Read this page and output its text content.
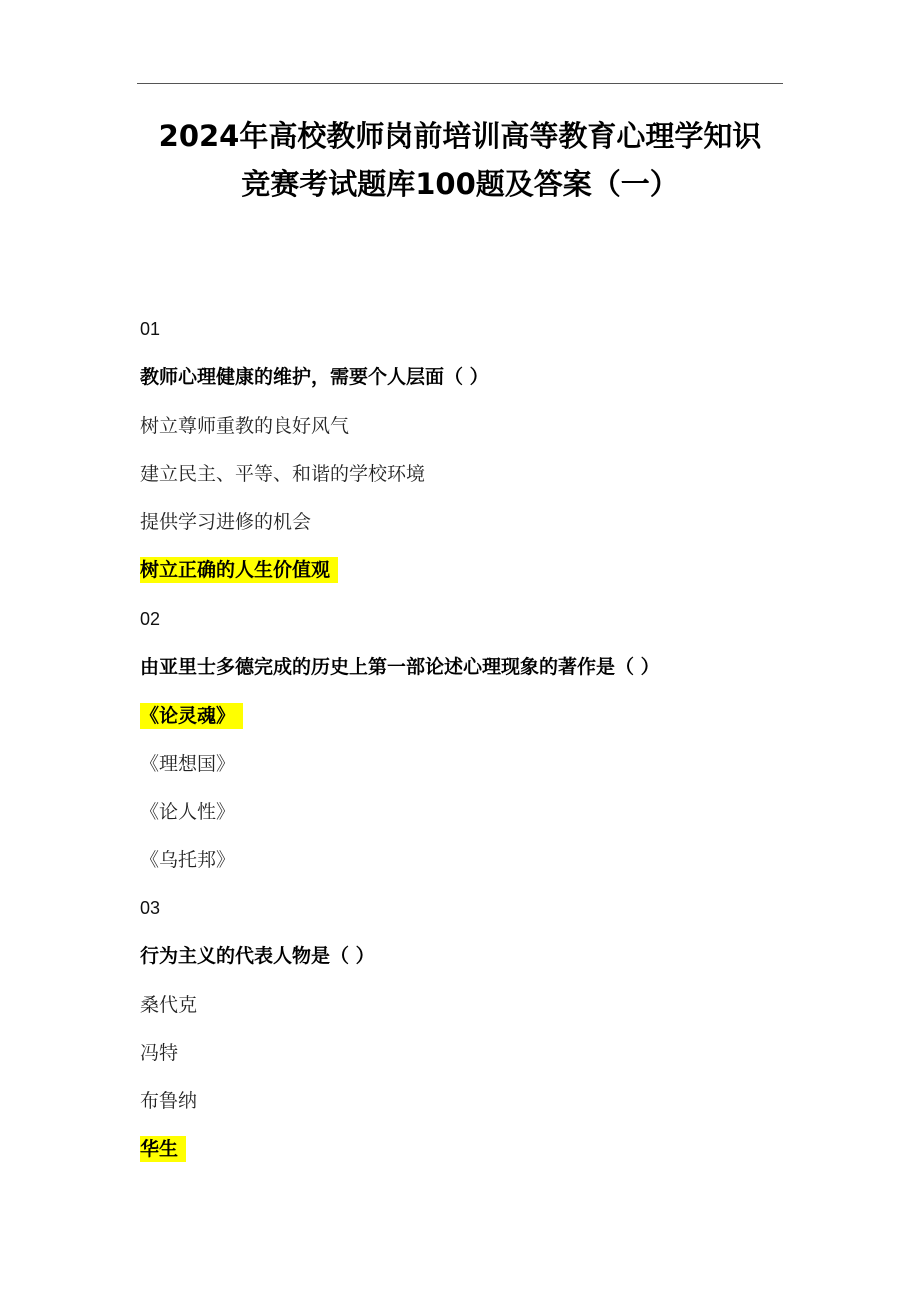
2024年高校教师岗前培训高等教育心理学知识
竞赛考试题库100题及答案（一）
01
教师心理健康的维护，需要个人层面（ ）
树立尊师重教的良好风气
建立民主、平等、和谐的学校环境
提供学习进修的机会
树立正确的人生价值观
02
由亚里士多德完成的历史上第一部论述心理现象的著作是（ ）
《论灵魂》
《理想国》
《论人性》
《乌托邦》
03
行为主义的代表人物是（ ）
桑代克
冯特
布鲁纳
华生
